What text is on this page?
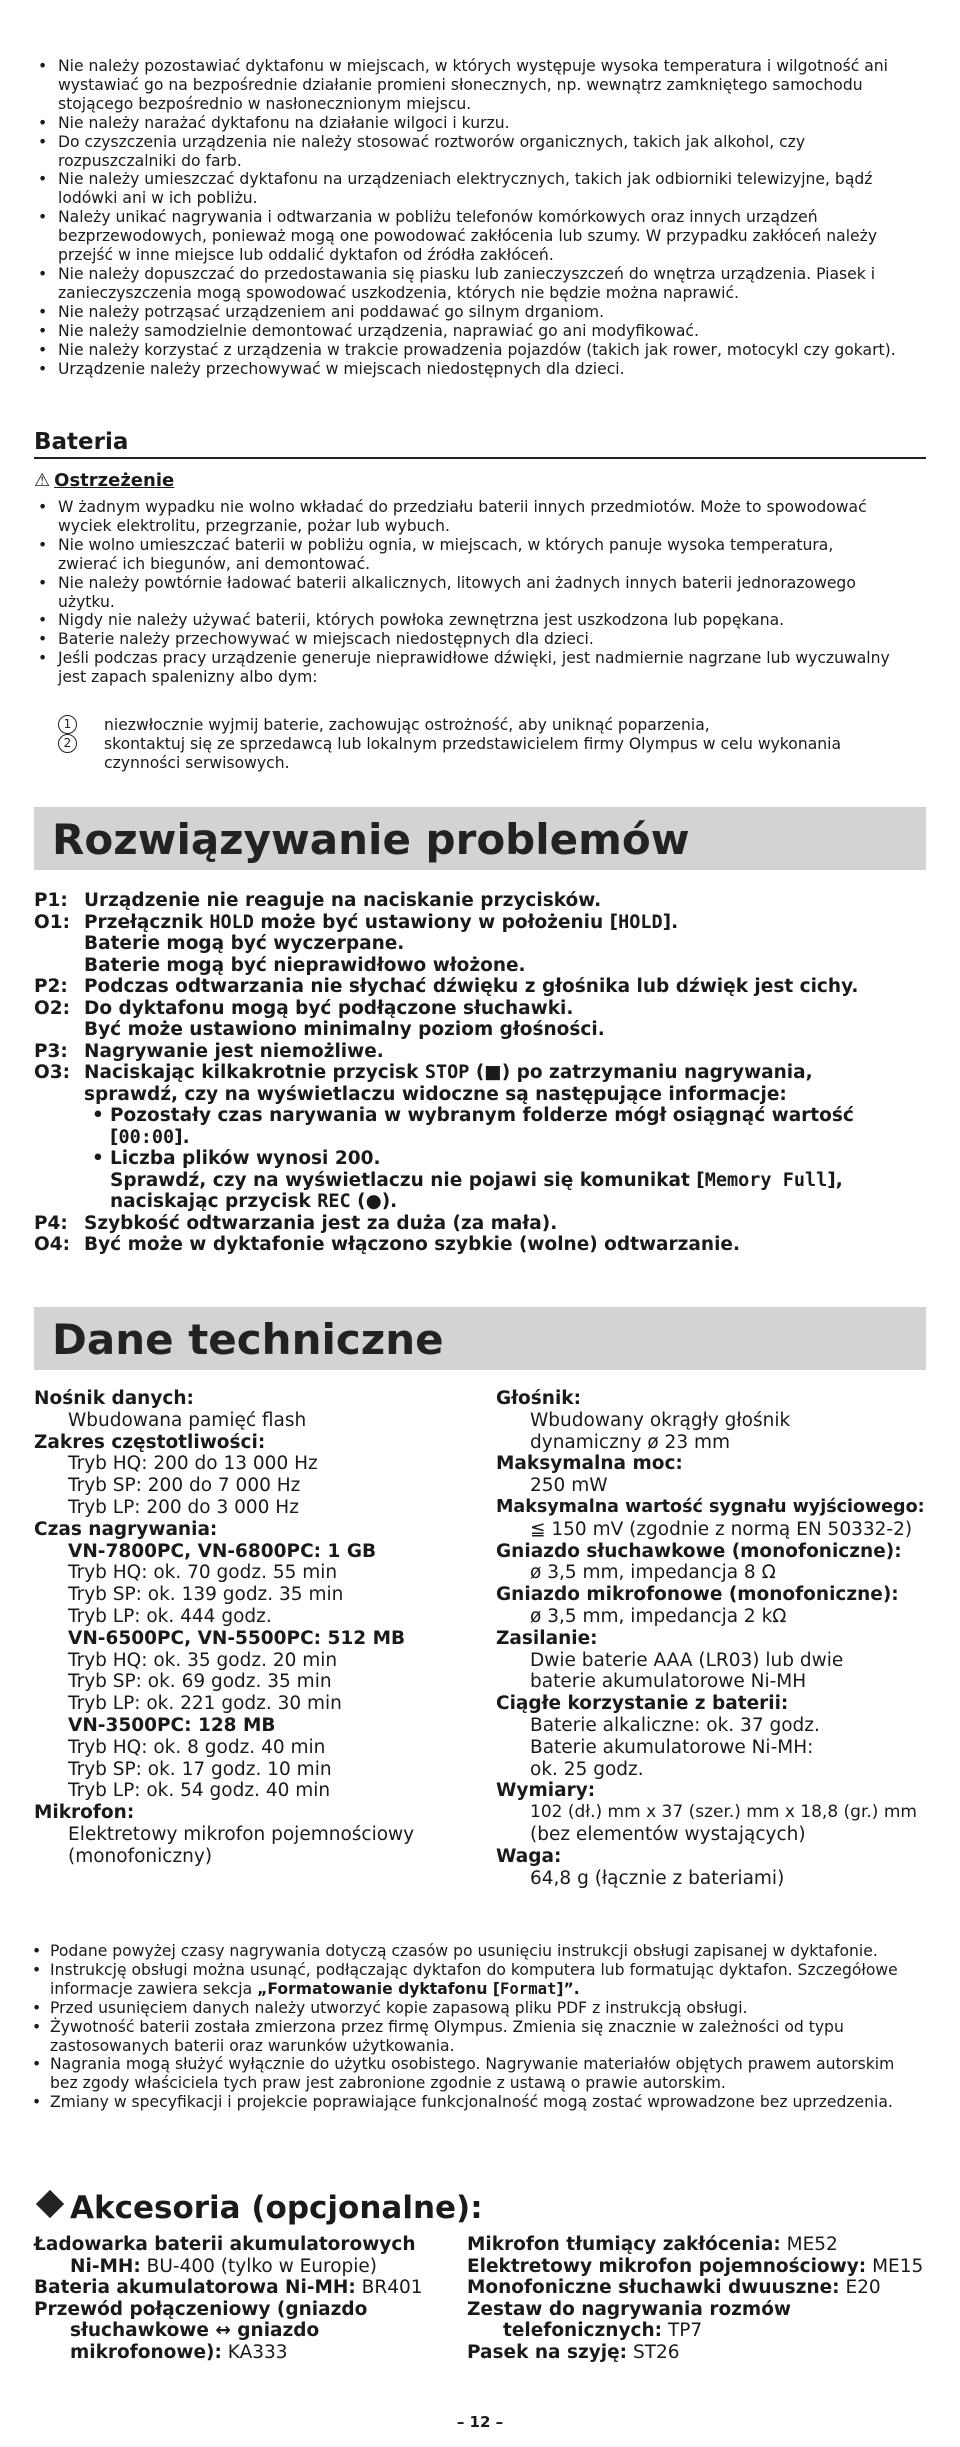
• Nie należy pozostawiać dyktafonu w miejscach, w których występuje wysoka temperatura i wilgotność ani wystawiać go na bezpośrednie działanie promieni słonecznych, np. wewnątrz zamkniętego samochodu stojącego bezpośrednio w nasłonecznionym miejscu.
• Nie należy narażać dyktafonu na działanie wilgoci i kurzu.
• Do czyszczenia urządzenia nie należy stosować roztworów organicznych, takich jak alkohol, czy rozpuszczalniki do farb.
• Nie należy umieszczać dyktafonu na urządzeniach elektrycznych, takich jak odbiorniki telewizyjne, bądź lodówki ani w ich pobliżu.
• Należy unikać nagrywania i odtwarzania w pobliżu telefonów komórkowych oraz innych urządzeń bezprzewodowych, ponieważ mogą one powodować zakłócenia lub szumy. W przypadku zakłóceń należy przejść w inne miejsce lub oddalić dyktafon od źródła zakłóceń.
• Nie należy dopuszczać do przedostawania się piasku lub zanieczyszczeń do wnętrza urządzenia. Piasek i zanieczyszczenia mogą spowodować uszkodzenia, których nie będzie można naprawić.
• Nie należy potrząsać urządzeniem ani poddawać go silnym drganiom.
• Nie należy samodzielnie demontować urządzenia, naprawiać go ani modyfikować.
• Nie należy korzystać z urządzenia w trakcie prowadzenia pojazdów (takich jak rower, motocykl czy gokart).
• Urządzenie należy przechowywać w miejscach niedostępnych dla dzieci.
Bateria
⚠ Ostrzeżenie
• W żadnym wypadku nie wolno wkładać do przedziału baterii innych przedmiotów. Może to spowodować wyciek elektrolitu, przegrzanie, pożar lub wybuch.
• Nie wolno umieszczać baterii w pobliżu ognia, w miejscach, w których panuje wysoka temperatura, zwierać ich biegunów, ani demontować.
• Nie należy powtórnie ładować baterii alkalicznych, litowych ani żadnych innych baterii jednorazowego użytku.
• Nigdy nie należy używać baterii, których powłoka zewnętrzna jest uszkodzona lub popękana.
• Baterie należy przechowywać w miejscach niedostępnych dla dzieci.
• Jeśli podczas pracy urządzenie generuje nieprawidłowe dźwięki, jest nadmiernie nagrzane lub wyczuwalny jest zapach spalenizny albo dym:
1	niezwłocznie wyjmij baterie, zachowując ostrożność, aby uniknąć poparzenia,
2	skontaktuj się ze sprzedawcą lub lokalnym przedstawicielem firmy Olympus w celu wykonania czynności serwisowych.
Rozwiązywanie problemów
P1: Urządzenie nie reaguje na naciskanie przycisków.
O1: Przełącznik HOLD może być ustawiony w położeniu [HOLD].
Baterie mogą być wyczerpane.
Baterie mogą być nieprawidłowo włożone.
P2: Podczas odtwarzania nie słychać dźwięku z głośnika lub dźwięk jest cichy.
O2: Do dyktafonu mogą być podłączone słuchawki.
Być może ustawiono minimalny poziom głośności.
P3: Nagrywanie jest niemożliwe.
O3: Naciskając kilkakrotnie przycisk STOP (■) po zatrzymaniu nagrywania,
sprawdź, czy na wyświetlaczu widoczne są następujące informacje:
• Pozostały czas narywania w wybranym folderze mógł osiągnąć wartość [00:00].
• Liczba plików wynosi 200.
Sprawdź, czy na wyświetlaczu nie pojawi się komunikat [Memory Full],
naciskając przycisk REC (●).
P4: Szybkość odtwarzania jest za duża (za mała).
O4: Być może w dyktafonie włączono szybkie (wolne) odtwarzanie.
Dane techniczne
Nośnik danych:
Wbudowana pamięć flash
Zakres częstotliwości:
Tryb HQ: 200 do 13 000 Hz
Tryb SP: 200 do 7 000 Hz
Tryb LP: 200 do 3 000 Hz
Czas nagrywania:
VN-7800PC, VN-6800PC: 1 GB
Tryb HQ: ok. 70 godz. 55 min
Tryb SP: ok. 139 godz. 35 min
Tryb LP: ok. 444 godz.
VN-6500PC, VN-5500PC: 512 MB
Tryb HQ: ok. 35 godz. 20 min
Tryb SP: ok. 69 godz. 35 min
Tryb LP: ok. 221 godz. 30 min
VN-3500PC: 128 MB
Tryb HQ: ok. 8 godz. 40 min
Tryb SP: ok. 17 godz. 10 min
Tryb LP: ok. 54 godz. 40 min
Mikrofon:
Elektretowy mikrofon pojemnościowy
(monofoniczny)
Głośnik:
Wbudowany okrągły głośnik
dynamiczny ø 23 mm
Maksymalna moc:
250 mW
Maksymalna wartość sygnału wyjściowego:
≦ 150 mV (zgodnie z normą EN 50332-2)
Gniazdo słuchawkowe (monofoniczne):
ø 3,5 mm, impedancja 8 Ω
Gniazdo mikrofonowe (monofoniczne):
ø 3,5 mm, impedancja 2 kΩ
Zasilanie:
Dwie baterie AAA (LR03) lub dwie
baterie akumulatorowe Ni-MH
Ciągłe korzystanie z baterii:
Baterie alkaliczne: ok. 37 godz.
Baterie akumulatorowe Ni-MH:
ok. 25 godz.
Wymiary:
102 (dł.) mm x 37 (szer.) mm x 18,8 (gr.) mm
(bez elementów wystających)
Waga:
64,8 g (łącznie z bateriami)
• Podane powyżej czasy nagrywania dotyczą czasów po usunięciu instrukcji obsługi zapisanej w dyktafonie.
• Instrukcję obsługi można usunąć, podłączając dyktafon do komputera lub formatując dyktafon. Szczegółowe informacje zawiera sekcja „Formatowanie dyktafonu [Format]”.
• Przed usunięciem danych należy utworzyć kopie zapasową pliku PDF z instrukcją obsługi.
• Żywotność baterii została zmierzona przez firmę Olympus. Zmienia się znacznie w zależności od typu zastosowanych baterii oraz warunków użytkowania.
• Nagrania mogą służyć wyłącznie do użytku osobistego. Nagrywanie materiałów objętych prawem autorskim bez zgody właściciela tych praw jest zabronione zgodnie z ustawą o prawie autorskim.
• Zmiany w specyfikacji i projekcie poprawiające funkcjonalność mogą zostać wprowadzone bez uprzedzenia.
Akcesoria (opcjonalne):
Ładowarka baterii akumulatorowych
Ni-MH: BU-400 (tylko w Europie)
Bateria akumulatorowa Ni-MH: BR401
Przewód połączeniowy (gniazdo
słuchawkowe ↔ gniazdo
mikrofonowe): KA333
Mikrofon tłumiący zakłócenia: ME52
Elektretowy mikrofon pojemnościowy: ME15
Monofoniczne słuchawki dwuuszne: E20
Zestaw do nagrywania rozmów
telefonicznych: TP7
Pasek na szyję: ST26
– 12 –
